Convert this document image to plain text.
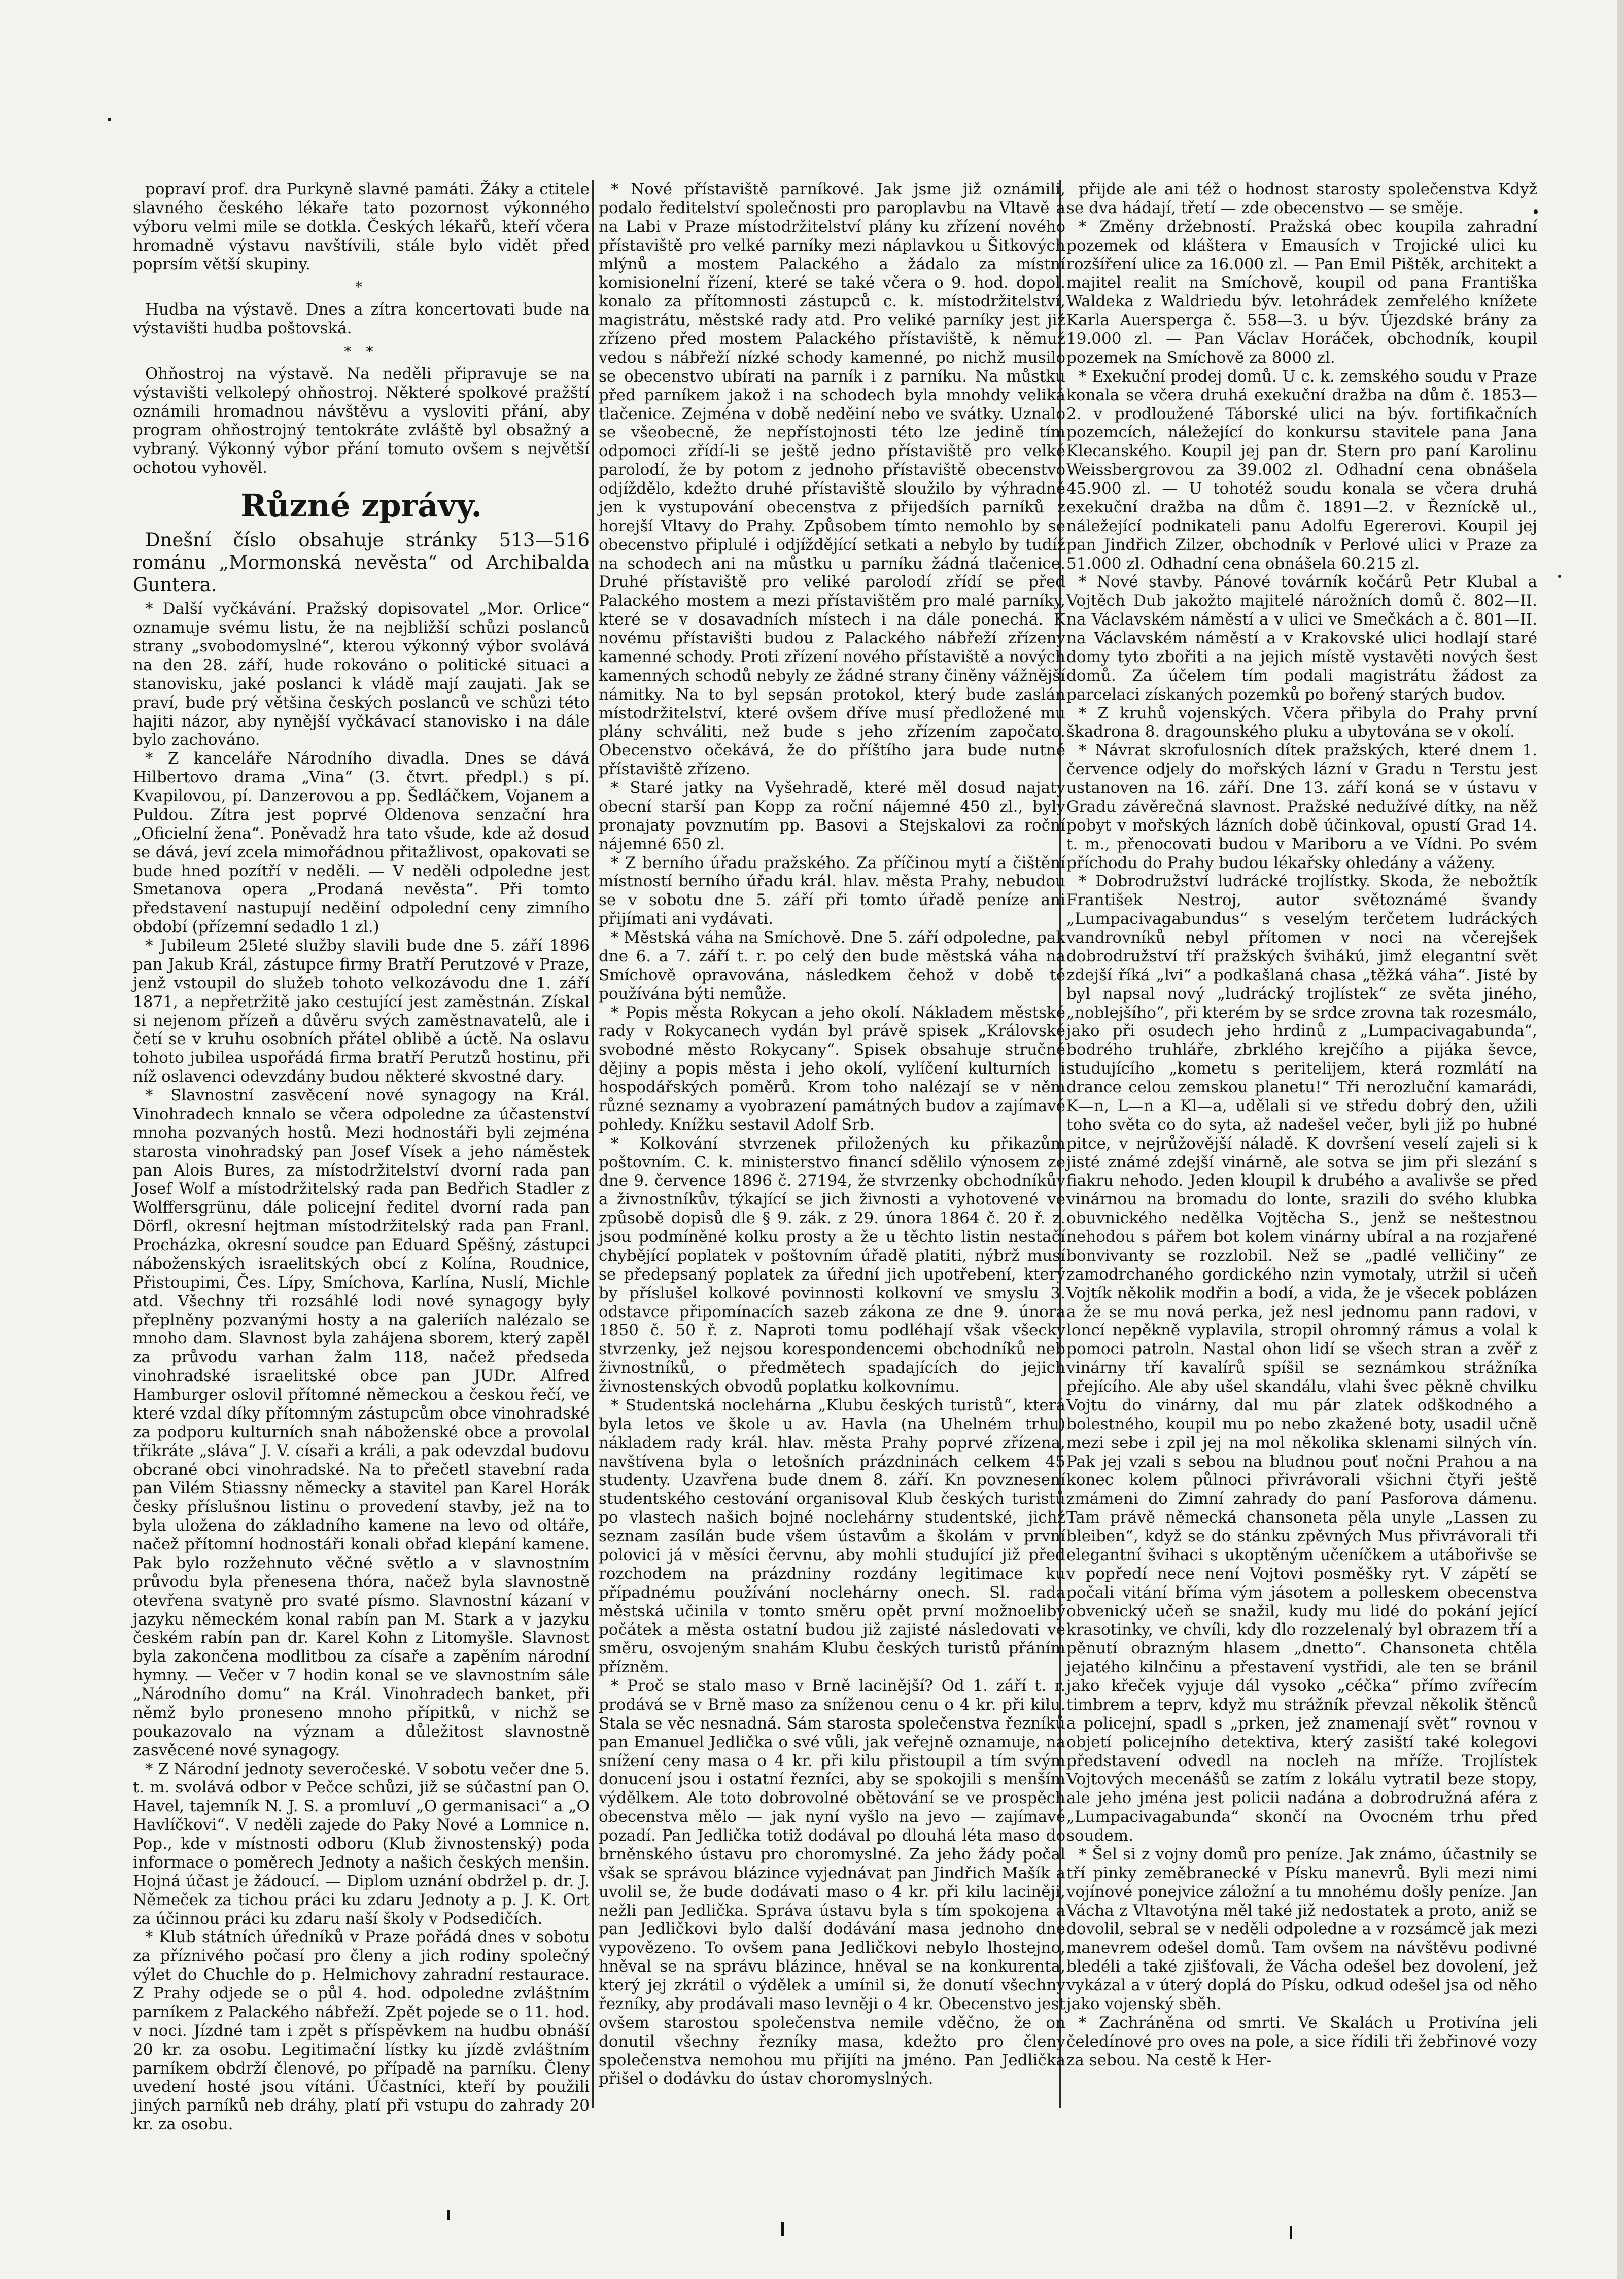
popraví prof. dra Purkyně slavné památi. Žáky a ctitele slavného českého lékaře tato pozornost výkonného výboru velmi mile se dotkla. Českých lékařů, kteří včera hromadně výstavu navštívili, stále bylo vidět před poprsím větší skupiny.

*

Hudba na výstavě. Dnes a zítra koncertovati bude na výstavišti hudba poštovská.

* *

Ohňostroj na výstavě. Na neděli připravuje se na výstavišti velkolepý ohňostroj. Některé spolkové pražští oznámili hromadnou návštěvu a vysloviti přání, aby program ohňostrojný tentokráte zvláště byl obsažný a vybraný. Výkonný výbor přání tomuto ovšem s největší ochotou vyhověl.

Různé zprávy.

Dnešní číslo obsahuje stránky 513—516 románu „Mormonská nevěsta“ od Archibalda Guntera.

* Další vyčkávání. Pražský dopisovatel „Mor. Orlice“ oznamuje svému listu, že na nejbližší schůzi poslanců strany „svobodomyslné“, kterou výkonný výbor svolává na den 28. září, hude rokováno o politické situaci a stanovisku, jaké poslanci k vládě mají zaujati. Jak se praví, bude prý většina českých poslanců ve schůzi této hajiti názor, aby nynější vyčkávací stanovisko i na dále bylo zachováno.

* Z kanceláře Národního divadla. Dnes se dává Hilbertovo drama „Vina“ (3. čtvrt. předpl.) s pí. Kvapilovou, pí. Danzerovou a pp. Šedláčkem, Vojanem a Puldou. Zítra jest poprvé Oldenova senzační hra „Oficielní žena“. Poněvadž hra tato všude, kde až dosud se dává, jeví zcela mimořádnou přitažlivost, opakovati se bude hned pozítří v neděli. — V neděli odpoledne jest Smetanova opera „Prodaná nevěsta“. Při tomto představení nastupují neděiní odpolední ceny zimního období (přízemní sedadlo 1 zl.)

* Jubileum 25leté služby slavili bude dne 5. září 1896 pan Jakub Král, zástupce firmy Bratří Perutzové v Praze, jenž vstoupil do služeb tohoto velkozávodu dne 1. září 1871, a nepřetržitě jako cestující jest zaměstnán. Získal si nejenom přízeň a důvěru svých zaměstnavatelů, ale i četí se v kruhu osobních přátel oblibě a úctě. Na oslavu tohoto jubilea uspořádá firma bratří Perutzů hostinu, při níž oslavenci odevzdány budou některé skvostné dary.

* Slavnostní zasvěcení nové synagogy na Král. Vinohradech knnalo se včera odpoledne za účastenství mnoha pozvaných hostů. Mezi hodnostáři byli zejména starosta vinohradský pan Josef Vísek a jeho náměstek pan Alois Bures, za místodržitelství dvorní rada pan Josef Wolf a místodržitelský rada pan Bedřich Stadler z Wolffersgrünu, dále policejní ředitel dvorní rada pan Dörfl, okresní hejtman místodržitelský rada pan Franl. Procházka, okresní soudce pan Eduard Spěšný, zástupci náboženských israelitských obcí z Kolína, Roudnice, Přistoupimi, Čes. Lípy, Smíchova, Karlína, Nuslí, Michle atd. Všechny tři rozsáhlé lodi nové synagogy byly přeplněny pozvanými hosty a na galeriích nalézalo se mnoho dam. Slavnost byla zahájena sborem, který zapěl za průvodu varhan žalm 118, načež předseda vinohradské israelitské obce pan JUDr. Alfred Hamburger oslovil přítomné německou a českou řečí, ve které vzdal díky přítomným zástupcům obce vinohradské za podporu kulturních snah náboženské obce a provolal třikráte „sláva“ J. V. císaři a králi, a pak odevzdal budovu obcrané obci vinohradské. Na to přečetl stavební rada pan Vilém Stiassny německy a stavitel pan Karel Horák česky příslušnou listinu o provedení stavby, jež na to byla uložena do základního kamene na levo od oltáře, načež přítomní hodnostáři konali obřad klepání kamene. Pak bylo rozžehnuto věčné světlo a v slavnostním průvodu byla přenesena thóra, načež byla slavnostně otevřena svatyně pro svaté písmo. Slavnostní kázaní v jazyku německém konal rabín pan M. Stark a v jazyku českém rabín pan dr. Karel Kohn z Litomyšle. Slavnost byla zakončena modlitbou za císaře a zapěním národní hymny. — Večer v 7 hodin konal se ve slavnostním sále „Národního domu“ na Král. Vinohradech banket, při němž bylo proneseno mnoho přípitků, v nichž se poukazovalo na význam a důležitost slavnostně zasvěcené nové synagogy.

* Z Národní jednoty severočeské. V sobotu večer dne 5. t. m. svolává odbor v Pečce schůzi, již se súčastní pan O. Havel, tajemník N. J. S. a promluví „O germanisaci“ a „O Havlíčkovi“. V neděli zajede do Paky Nové a Lomnice n. Pop., kde v místnosti odboru (Klub živnostenský) poda informace o poměrech Jednoty a našich českých menšin. Hojná účast je žádoucí. — Diplom uznání obdržel p. dr. J. Němeček za tichou práci ku zdaru Jednoty a p. J. K. Ort za účinnou práci ku zdaru naší školy v Podsedičích.

* Klub státních úředníků v Praze pořádá dnes v sobotu za příznivého počasí pro členy a jich rodiny společný výlet do Chuchle do p. Helmichovy zahradní restaurace. Z Prahy odjede se o půl 4. hod. odpoledne zvláštním parníkem z Palackého nábřeží. Zpět pojede se o 11. hod. v noci. Jízdné tam i zpět s příspěvkem na hudbu obnáší 20 kr. za osobu. Legitimační lístky ku jízdě zvláštním parníkem obdrží členové, po případě na parníku. Členy uvedení hosté jsou vítáni. Účastníci, kteří by použili jiných parníků neb dráhy, platí při vstupu do zahrady 20 kr. za osobu.

* Nové přístaviště parníkové. Jak jsme již oznámili, podalo ředitelství společnosti pro paroplavbu na Vltavě a na Labi v Praze místodržitelství plány ku zřízení nového přístaviště pro velké parníky mezi náplavkou u Šitkových mlýnů a mostem Palackého a žádalo za místní komisionelní řízení, které se také včera o 9. hod. dopol. konalo za přítomnosti zástupců c. k. místodržitelství, magistrátu, městské rady atd. Pro veliké parníky jest již zřízeno před mostem Palackého přístaviště, k němuž vedou s nábřeží nízké schody kamenné, po nichž musilo se obecenstvo ubírati na parník i z parníku. Na můstku před parníkem jakož i na schodech byla mnohdy veliká tlačenice. Zejména v době neděiní nebo ve svátky. Uznalo se všeobecně, že nepřístojnosti této lze jedině tím odpomoci zřídí-li se ještě jedno přístaviště pro velké parolodí, že by potom z jednoho přístaviště obecenstvo odjíždělo, kdežto druhé přístaviště sloužilo by výhradně jen k vystupování obecenstva z přijedších parníků z horejší Vltavy do Prahy. Způsobem tímto nemohlo by se obecenstvo připlulé i odjíždějící setkati a nebylo by tudíž na schodech ani na můstku u parníku žádná tlačenice. Druhé přístaviště pro veliké parolodí zřídí se před Palackého mostem a mezi přístavištěm pro malé parníky, které se v dosavadních místech i na dále ponechá. K novému přístavišti budou z Palackého nábřeží zřízeny kamenné schody. Proti zřízení nového přístaviště a nových kamenných schodů nebyly ze žádné strany činěny vážnější námitky. Na to byl sepsán protokol, který bude zaslán místodržitelství, které ovšem dříve musí předložené mu plány schváliti, než bude s jeho zřízením započato. Obecenstvo očekává, že do příštího jara bude nutné přístaviště zřízeno.

* Staré jatky na Vyšehradě, které měl dosud najaty obecní starší pan Kopp za roční nájemné 450 zl., byly pronajaty povznutím pp. Basovi a Stejskalovi za roční nájemné 650 zl.

* Z berního úřadu pražského. Za příčinou mytí a čištění místností berního úřadu král. hlav. města Prahy, nebudou se v sobotu dne 5. září při tomto úřadě peníze ani přijímati ani vydávati.

* Městská váha na Smíchově. Dne 5. září odpoledne, pak dne 6. a 7. září t. r. po celý den bude městská váha na Smíchově opravována, následkem čehož v době té používána býti nemůže.

* Popis města Rokycan a jeho okolí. Nákladem městské rady v Rokycanech vydán byl právě spisek „Královské svobodné město Rokycany“. Spisek obsahuje stručné dějiny a popis města i jeho okolí, vylíčení kulturních i hospodářských poměrů. Krom toho nalézají se v něm různé seznamy a vyobrazení památných budov a zajímavé pohledy. Knížku sestavil Adolf Srb.

* Kolkování stvrzenek přiložených ku přikazům poštovním. C. k. ministerstvo financí sdělilo výnosem ze dne 9. července 1896 č. 27194, že stvrzenky obchodníkův a živnostníkův, týkající se jich živnosti a vyhotovené ve způsobě dopisů dle § 9. zák. z 29. února 1864 č. 20 ř. z. jsou podmíněné kolku prosty a že u těchto listin nestačí chybějící poplatek v poštovním úřadě platiti, nýbrž musí se předepsaný poplatek za úřední jich upotřebení, který by příslušel kolkové povinnosti kolkovní ve smyslu 3. odstavce připomínacích sazeb zákona ze dne 9. února 1850 č. 50 ř. z. Naproti tomu podléhají však všecky stvrzenky, jež nejsou korespondencemi obchodníků neb živnostníků, o předmětech spadajících do jejich živnostenských obvodů poplatku kolkovnímu.

* Studentská noclehárna „Klubu českých turistů“, která byla letos ve škole u av. Havla (na Uhelném trhu) nákladem rady král. hlav. města Prahy poprvé zřízena, navštívena byla o letošních prázdninách celkem 45 studenty. Uzavřena bude dnem 8. září. Kn povznesení studentského cestování organisoval Klub českých turistů po vlastech našich bojné noclehárny studentské, jichž seznam zasílán bude všem ústavům a školám v první polovici já v měsíci červnu, aby mohli studující již před rozchodem na prázdniny rozdány legitimace ku případnému používání noclehárny onech. Sl. rada městská učinila v tomto směru opět první možnoelibý počátek a města ostatní budou již zajisté následovati ve směru, osvojeným snahám Klubu českých turistů přáním přízněm.

* Proč se stalo maso v Brně lacinější? Od 1. září t. r. prodává se v Brně maso za sníženou cenu o 4 kr. při kilu. Stala se věc nesnadná. Sám starosta společenstva řezníků pan Emanuel Jedlička o své vůli, jak veřejně oznamuje, na snížení ceny masa o 4 kr. při kilu přistoupil a tím svým donucení jsou i ostatní řezníci, aby se spokojili s menším výdělkem. Ale toto dobrovolné obětování se ve prospěch obecenstva mělo — jak nyní vyšlo na jevo — zajímavé pozadí. Pan Jedlička totiž dodával po dlouhá léta maso do brněnského ústavu pro choromyslné. Za jeho žády počal však se správou blázince vyjednávat pan Jindřich Mašík a uvolil se, že bude dodávati maso o 4 kr. při kilu laciněji, nežli pan Jedlička. Správa ústavu byla s tím spokojena a pan Jedličkovi bylo další dodávání masa jednoho dne vypovězeno. To ovšem pana Jedličkovi nebylo lhostejno, hněval se na správu blázince, hněval se na konkurenta, který jej zkrátil o výdělek a umínil si, že donutí všechny řezníky, aby prodávali maso levněji o 4 kr. Obecenstvo jest ovšem starostou společenstva nemile vděčno, že on donutil všechny řezníky masa, kdežto pro členy společenstva nemohou mu přijíti na jméno. Pan Jedlička přišel o dodávku do ústav choromyslných.

přijde ale ani též o hodnost starosty společenstva Když se dva hádají, třetí — zde obecenstvo — se směje.

* Změny držebností. Pražská obec koupila zahradní pozemek od kláštera v Emausích v Trojické ulici ku rozšíření ulice za 16.000 zl. — Pan Emil Pištěk, architekt a majitel realit na Smíchově, koupil od pana Františka Waldeka z Waldriedu býv. letohrádek zemřelého knížete Karla Auersperga č. 558—3. u býv. Újezdské brány za 19.000 zl. — Pan Václav Horáček, obchodník, koupil pozemek na Smíchově za 8000 zl.

* Exekuční prodej domů. U c. k. zemského soudu v Praze konala se včera druhá exekuční dražba na dům č. 1853—2. v prodloužené Táborské ulici na býv. fortifikačních pozemcích, náležející do konkursu stavitele pana Jana Klecanského. Koupil jej pan dr. Stern pro paní Karolinu Weissbergrovou za 39.002 zl. Odhadní cena obnášela 45.900 zl. — U tohotéž soudu konala se včera druhá exekuční dražba na dům č. 1891—2. v Řezníckě ul., náležející podnikateli panu Adolfu Egererovi. Koupil jej pan Jindřich Zilzer, obchodník v Perlové ulici v Praze za 51.000 zl. Odhadní cena obnášela 60.215 zl.

* Nové stavby. Pánové továrník kočárů Petr Klubal a Vojtěch Dub jakožto majitelé nárožních domů č. 802—II. na Václavském náměstí a v ulici ve Smečkách a č. 801—II. na Václavském náměstí a v Krakovské ulici hodlají staré domy tyto zbořiti a na jejich místě vystavěti nových šest domů. Za účelem tím podali magistrátu žádost za parcelaci získaných pozemků po bořený starých budov.

* Z kruhů vojenských. Včera přibyla do Prahy první škadrona 8. dragounského pluku a ubytována se v okolí.

* Návrat skrofulosních dítek pražských, které dnem 1. července odjely do mořských lázní v Gradu n Terstu jest ustanoven na 16. září. Dne 13. září koná se v ústavu v Gradu závěrečná slavnost. Pražské nedužívé dítky, na něž pobyt v mořských lázních době účinkoval, opustí Grad 14. t. m., přenocovati budou v Mariboru a ve Vídni. Po svém příchodu do Prahy budou lékařsky ohledány a váženy.

* Dobrodružství ludrácké trojlístky. Skoda, že nebožtík František Nestroj, autor světoznámé švandy „Lumpacivagabundus“ s veselým terčetem ludráckých vandrovníků nebyl přítomen v noci na včerejšek dobrodružství tří pražských švihákú, jimž elegantní svět zdejší říká „lvi“ a podkašlaná chasa „těžká váha“. Jisté by byl napsal nový „ludrácký trojlístek“ ze světa jiného, „noblejšího“, při kterém by se srdce zrovna tak rozesmálo, jako při osudech jeho hrdinů z „Lumpacivagabunda“, bodrého truhláře, zbrklého krejčího a pijáka ševce, studujícího „kometu s peritelijem, která rozmlátí na drance celou zemskou planetu!“ Tři nerozluční kamarádi, K—n, L—n a Kl—a, udělali si ve středu dobrý den, užili toho světa co do syta, až nadešel večer, byli již po hubné pitce, v nejrůžovější náladě. K dovršení veselí zajeli si k jisté známé zdejší vinárně, ale sotva se jim při slezání s fiakru nehodo. Jeden kloupil k drubého a avalivše se před vinárnou na bromadu do lonte, srazili do svého klubka obuvnického nedělka Vojtěcha S., jenž se neštestnou nehodou s pářem bot kolem vinárny ubíral a na rozjařené bonvivanty se rozzlobil. Než se „padlé velličiny“ ze zamodrchaného gordického nzin vymotaly, utržil si učeň Vojtík několik modřin a bodí, a vida, že je všecek poblázen a že se mu nová perka, jež nesl jednomu pann radovi, v loncí nepěkně vyplavila, stropil ohromný rámus a volal k pomoci patroln. Nastal ohon lidí se všech stran a zvěř z vinárny tří kavalírů spíšil se seznámkou strážníka přejícího. Ale aby ušel skandálu, vlahi švec pěkně chvilku Vojtu do vinárny, dal mu pár zlatek odškodného a bolestného, koupil mu po nebo zkažené boty, usadil učně mezi sebe i zpil jej na mol několika sklenami silných vín. Pak jej vzali s sebou na bludnou pouť nočni Prahou a na konec kolem půlnoci přivrávorali všichni čtyři ještě zmámeni do Zimní zahrady do paní Pasforova dámenu. Tam právě německá chansoneta pěla unyle „Lassen zu bleiben“, když se do stánku zpěvných Mus přivrávorali tři elegantní švihaci s ukoptěným učeníčkem a utábořivše se v popředí nece není Vojtovi posměšky ryt. V zápětí se počali vitání bříma vým jásotem a polleskem obecenstva obvenický učeň se snažil, kudy mu lidé do pokání jející krasotinky, ve chvíli, kdy dlo rozzelenalý byl obrazem tří a pěnutí obrazným hlasem „dnetto“. Chansoneta chtěla jejatého kilnčinu a přestavení vystřidi, ale ten se bránil jako křeček vyjuje dál vysoko „céčka“ přímo zvířecím timbrem a teprv, když mu strážník převzal několik štěnců a policejní, spadl s „prken, jež znamenají svět“ rovnou v objetí policejního detektiva, který zasiští také kolegovi představení odvedl na nocleh na mříže. Trojlístek Vojtových mecenášů se zatím z lokálu vytratil beze stopy, ale jeho jména jest policii nadána a dobrodružná aféra z „Lumpacivagabunda“ skončí na Ovocném trhu před soudem.

* Šel si z vojny domů pro peníze. Jak známo, účastnily se tří pinky zeměbranecké v Písku manevrů. Byli mezi nimi vojínové ponejvice záložní a tu mnohému došly peníze. Jan Vácha z Vltavotýna měl také již nedostatek a proto, aniž se dovolil, sebral se v neděli odpoledne a v rozsámcě jak mezi manevrem odešel domů. Tam ovšem na návštěvu podivné bledéli a také zjišťovali, že Vácha odešel bez dovolení, jež vykázal a v úterý doplá do Písku, odkud odešel jsa od něho jako vojenský sběh.

* Zachráněna od smrti. Ve Skalách u Protivína jeli čeledínové pro oves na pole, a sice řídili tři žebřinové vozy za sebou. Na cestě k Her-
